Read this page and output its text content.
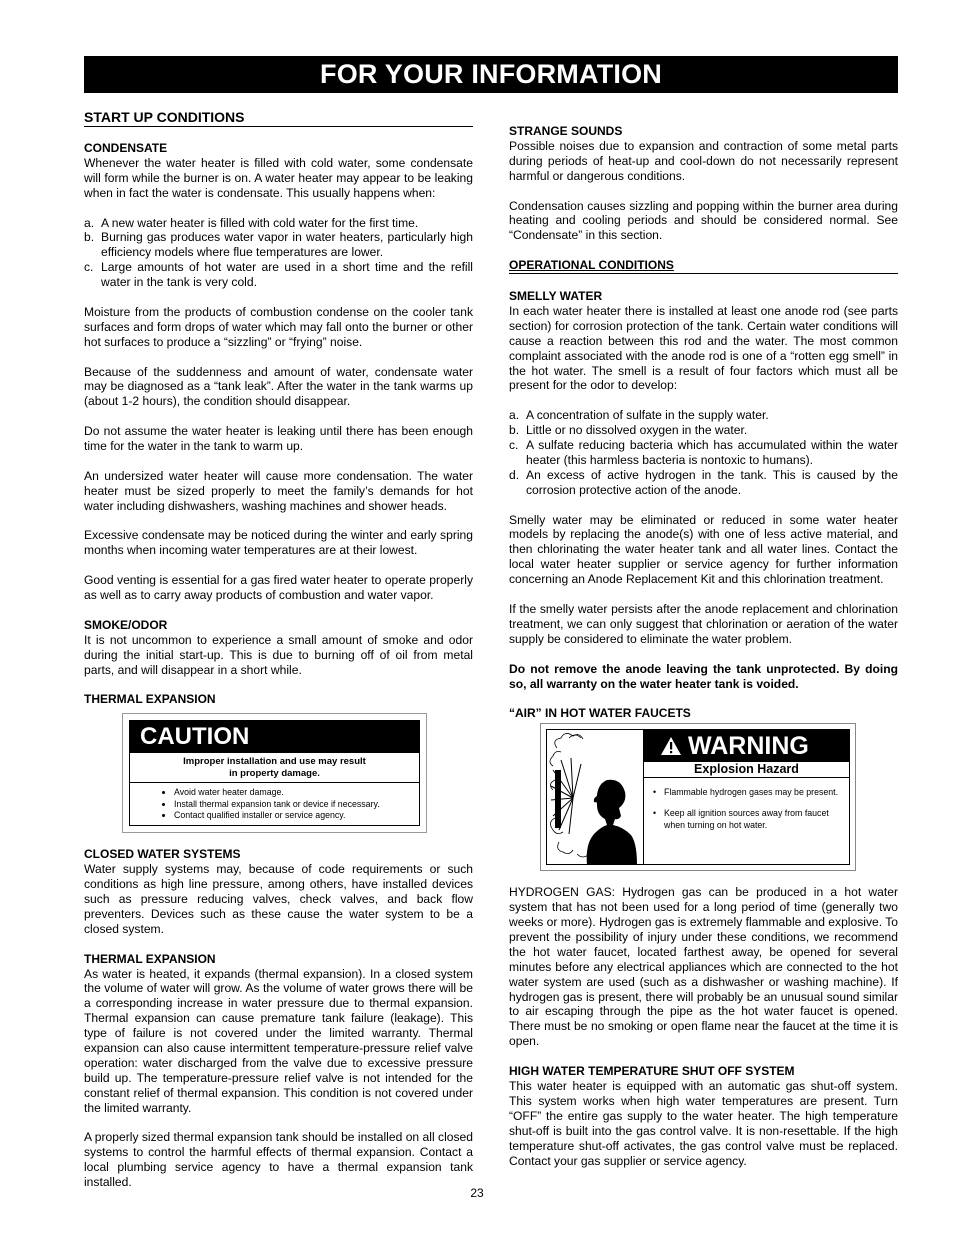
FOR YOUR INFORMATION
START UP CONDITIONS
CONDENSATE

Whenever the water heater is filled with cold water, some condensate will form while the burner is on. A water heater may appear to be leaking when in fact the water is condensate. This usually happens when:

a. A new water heater is filled with cold water for the first time.
b. Burning gas produces water vapor in water heaters, particularly high efficiency models where flue temperatures are lower.
c. Large amounts of hot water are used in a short time and the refill water in the tank is very cold.

Moisture from the products of combustion condense on the cooler tank surfaces and form drops of water which may fall onto the burner or other hot surfaces to produce a “sizzling” or “frying” noise.

Because of the suddenness and amount of water, condensate water may be diagnosed as a “tank leak”. After the water in the tank warms up (about 1-2 hours), the condition should disappear.

Do not assume the water heater is leaking until there has been enough time for the water in the tank to warm up.

An undersized water heater will cause more condensation. The water heater must be sized properly to meet the family’s demands for hot water including dishwashers, washing machines and shower heads.

Excessive condensate may be noticed during the winter and early spring months when incoming water temperatures are at their lowest.

Good venting is essential for a gas fired water heater to operate properly as well as to carry away products of combustion and water vapor.

SMOKE/ODOR

It is not uncommon to experience a small amount of smoke and odor during the initial start-up. This is due to burning off of oil from metal parts, and will disappear in a short while.

THERMAL EXPANSION
CAUTION
Improper installation and use may result
in property damage.
• Avoid water heater damage.
• Install thermal expansion tank or device if necessary.
• Contact qualified installer or service agency.
CLOSED WATER SYSTEMS

Water supply systems may, because of code requirements or such conditions as high line pressure, among others, have installed devices such as pressure reducing valves, check valves, and back flow preventers. Devices such as these cause the water system to be a closed system.

THERMAL EXPANSION

As water is heated, it expands (thermal expansion). In a closed system the volume of water will grow. As the volume of water grows there will be a corresponding increase in water pressure due to thermal expansion. Thermal expansion can cause premature tank failure (leakage). This type of failure is not covered under the limited warranty. Thermal expansion can also cause intermittent temperature-pressure relief valve operation: water discharged from the valve due to excessive pressure build up. The temperature-pressure relief valve is not intended for the constant relief of thermal expansion. This condition is not covered under the limited warranty.

A properly sized thermal expansion tank should be installed on all closed systems to control the harmful effects of thermal expansion. Contact a local plumbing service agency to have a thermal expansion tank installed.

STRANGE SOUNDS

Possible noises due to expansion and contraction of some metal parts during periods of heat-up and cool-down do not necessarily represent harmful or dangerous conditions.

Condensation causes sizzling and popping within the burner area during heating and cooling periods and should be considered normal. See “Condensate” in this section.

OPERATIONAL CONDITIONS
SMELLY WATER

In each water heater there is installed at least one anode rod (see parts section) for corrosion protection of the tank. Certain water conditions will cause a reaction between this rod and the water. The most common complaint associated with the anode rod is one of a “rotten egg smell” in the hot water. The smell is a result of four factors which must all be present for the odor to develop:

a. A concentration of sulfate in the supply water.
b. Little or no dissolved oxygen in the water.
c. A sulfate reducing bacteria which has accumulated within the water heater (this harmless bacteria is nontoxic to humans).
d. An excess of active hydrogen in the tank. This is caused by the corrosion protective action of the anode.

Smelly water may be eliminated or reduced in some water heater models by replacing the anode(s) with one of less active material, and then chlorinating the water heater tank and all water lines. Contact the local water heater supplier or service agency for further information concerning an Anode Replacement Kit and this chlorination treatment.

If the smelly water persists after the anode replacement and chlorination treatment, we can only suggest that chlorination or aeration of the water supply be considered to eliminate the water problem.

Do not remove the anode leaving the tank unprotected. By doing so, all warranty on the water heater tank is voided.

“AIR” IN HOT WATER FAUCETS
WARNING
Explosion Hazard
• Flammable hydrogen gases may be present.
• Keep all ignition sources away from faucet when turning on hot water.

HYDROGEN GAS: Hydrogen gas can be produced in a hot water system that has not been used for a long period of time (generally two weeks or more). Hydrogen gas is extremely flammable and explosive. To prevent the possibility of injury under these conditions, we recommend the hot water faucet, located farthest away, be opened for several minutes before any electrical appliances which are connected to the hot water system are used (such as a dishwasher or washing machine). If hydrogen gas is present, there will probably be an unusual sound similar to air escaping through the pipe as the hot water faucet is opened. There must be no smoking or open flame near the faucet at the time it is open.

HIGH WATER TEMPERATURE SHUT OFF SYSTEM

This water heater is equipped with an automatic gas shut-off system. This system works when high water temperatures are present. Turn “OFF” the entire gas supply to the water heater. The high temperature shut-off is built into the gas control valve. It is non-resettable. If the high temperature shut-off activates, the gas control valve must be replaced. Contact your gas supplier or service agency.

23
